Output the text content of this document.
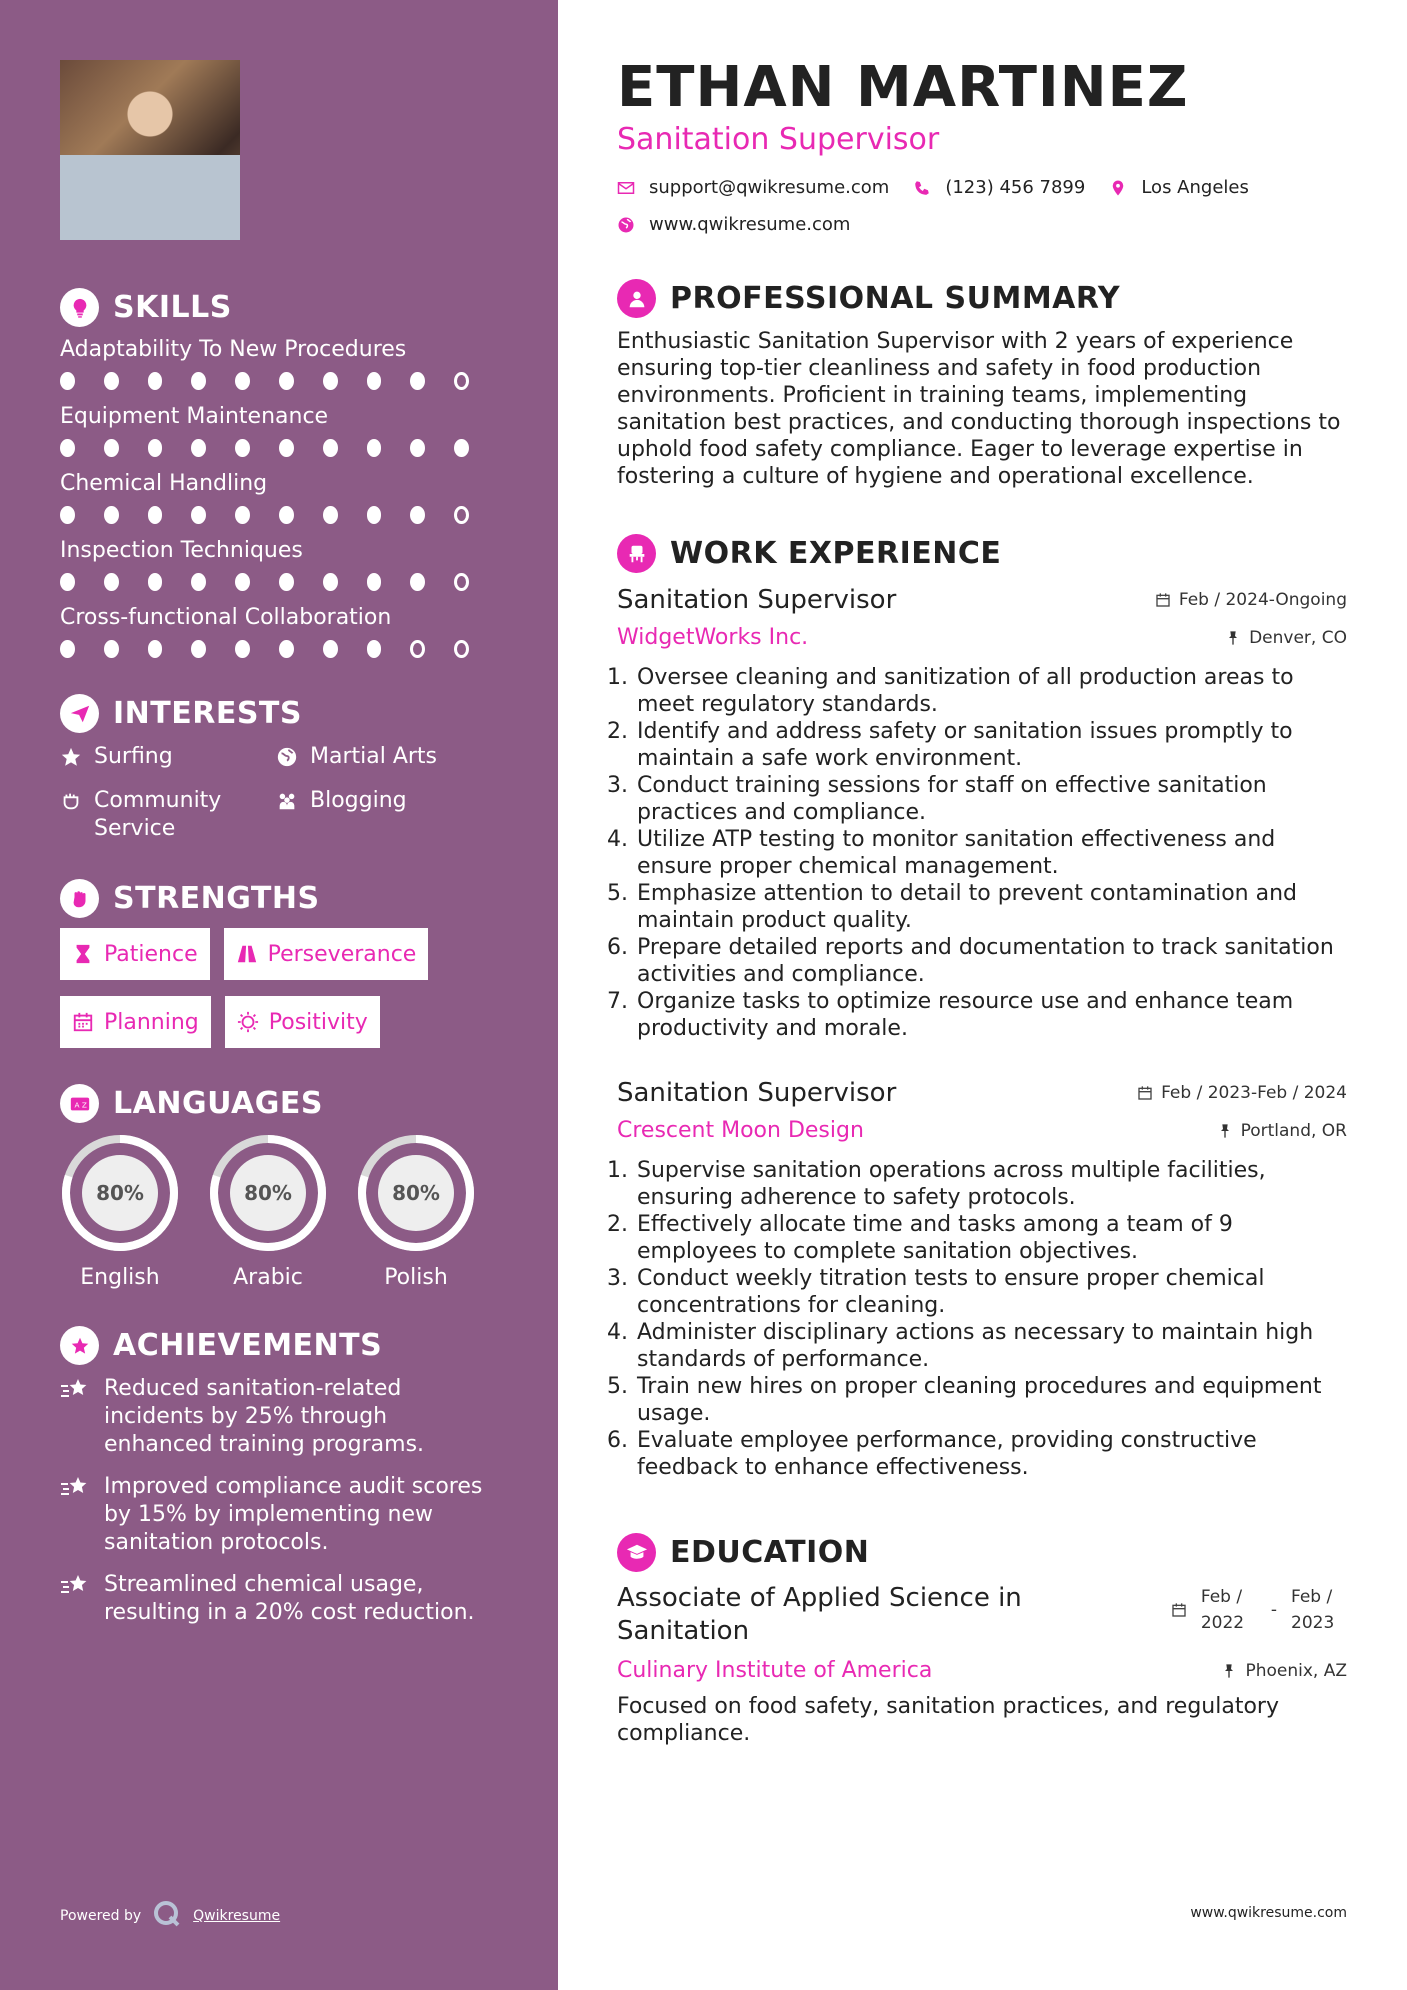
SKILLS
Adaptability To New Procedures
Equipment Maintenance
Chemical Handling
Inspection Techniques
Cross-functional Collaboration
INTERESTS
Surfing	Martial Arts
Community Service
Blogging
STRENGTHS
Patience	Perseverance
Planning	Positivity
A Z LANGUAGES
80%
English
80%
Arabic
80%
Polish
ACHIEVEMENTS
Reduced sanitation-related incidents by 25% through enhanced training programs.
Improved compliance audit scores by 15% by implementing new sanitation protocols.
Streamlined chemical usage, resulting in a 20% cost reduction.
Powered by	Qwikresume
ETHAN MARTINEZ
Sanitation Supervisor
support@qwikresume.com	(123) 456 7899	Los Angeles
www.qwikresume.com
PROFESSIONAL SUMMARY

Enthusiastic Sanitation Supervisor with 2 years of experience ensuring top-tier cleanliness and safety in food production environments. Proficient in training teams, implementing sanitation best practices, and conducting thorough inspections to uphold food safety compliance. Eager to leverage expertise in fostering a culture of hygiene and operational excellence.

WORK EXPERIENCE
Sanitation Supervisor	Feb / 2024-Ongoing
WidgetWorks Inc.	Denver, CO
1. Oversee cleaning and sanitization of all production areas to meet regulatory standards.
2. Identify and address safety or sanitation issues promptly to maintain a safe work environment.
3. Conduct training sessions for staff on effective sanitation practices and compliance.
4. Utilize ATP testing to monitor sanitation effectiveness and ensure proper chemical management.
5. Emphasize attention to detail to prevent contamination and maintain product quality.
6. Prepare detailed reports and documentation to track sanitation activities and compliance.
7. Organize tasks to optimize resource use and enhance team productivity and morale.
Sanitation Supervisor	Feb / 2023-Feb / 2024
Crescent Moon Design	Portland, OR
1. Supervise sanitation operations across multiple facilities, ensuring adherence to safety protocols.
2. Effectively allocate time and tasks among a team of 9 employees to complete sanitation objectives.
3. Conduct weekly titration tests to ensure proper chemical concentrations for cleaning.
4. Administer disciplinary actions as necessary to maintain high standards of performance.
5. Train new hires on proper cleaning procedures and equipment usage.
6. Evaluate employee performance, providing constructive feedback to enhance effectiveness.
EDUCATION
Associate of Applied Science in Sanitation
Feb / 2022
-
Feb / 2023
Culinary Institute of America	Phoenix, AZ
Focused on food safety, sanitation practices, and regulatory compliance.
www.qwikresume.com
